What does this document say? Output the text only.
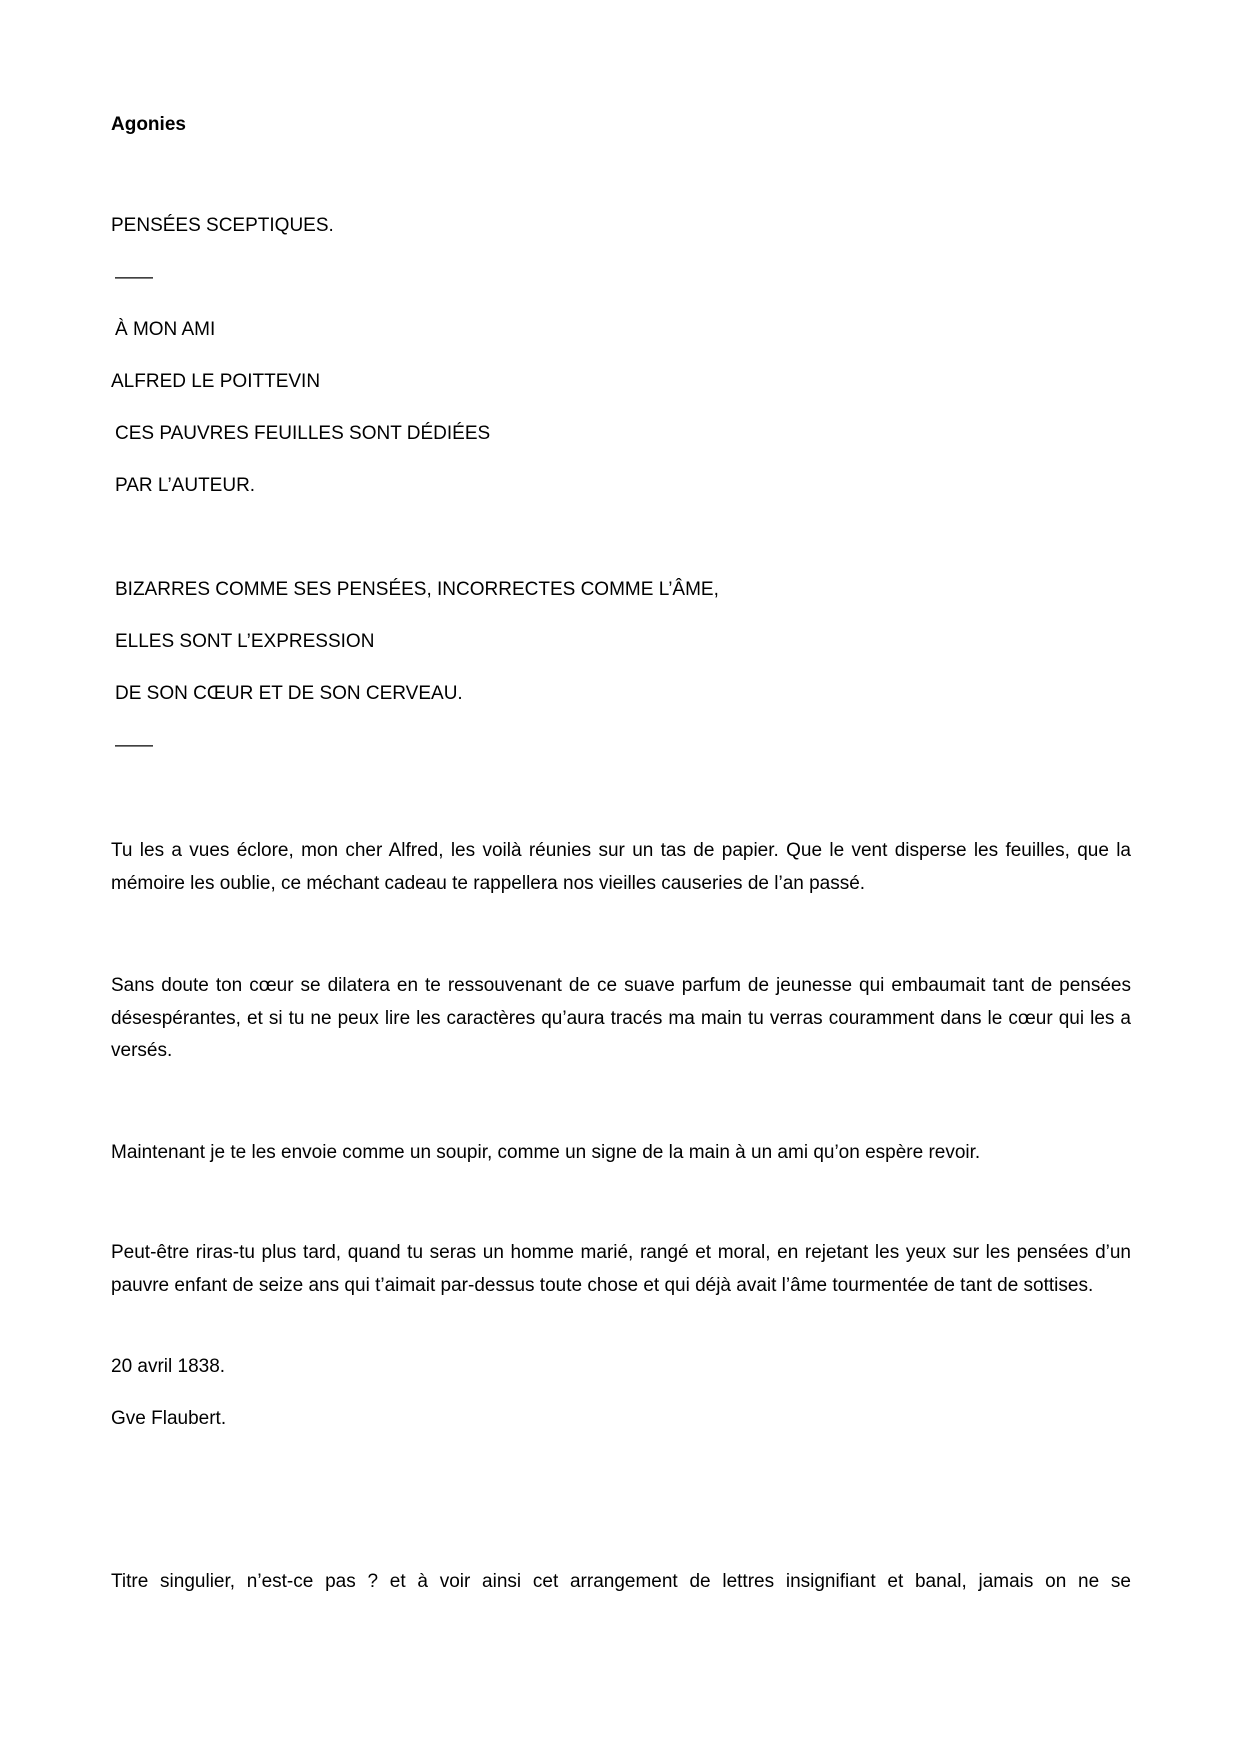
Agonies
PENSÉES SCEPTIQUES.
——
À MON AMI
ALFRED LE POITTEVIN
CES PAUVRES FEUILLES SONT DÉDIÉES
PAR L’AUTEUR.
BIZARRES COMME SES PENSÉES, INCORRECTES COMME L’ÂME,
ELLES SONT L’EXPRESSION
DE SON CŒUR ET DE SON CERVEAU.
——
Tu les a vues éclore, mon cher Alfred, les voilà réunies sur un tas de papier. Que le vent disperse les feuilles, que la mémoire les oublie, ce méchant cadeau te rappellera nos vieilles causeries de l’an passé.
Sans doute ton cœur se dilatera en te ressouvenant de ce suave parfum de jeunesse qui embaumait tant de pensées désespérantes, et si tu ne peux lire les caractères qu’aura tracés ma main tu verras couramment dans le cœur qui les a versés.
Maintenant je te les envoie comme un soupir, comme un signe de la main à un ami qu’on espère revoir.
Peut-être riras-tu plus tard, quand tu seras un homme marié, rangé et moral, en rejetant les yeux sur les pensées d’un pauvre enfant de seize ans qui t’aimait par-dessus toute chose et qui déjà avait l’âme tourmentée de tant de sottises.
20 avril 1838.
Gve Flaubert.
Titre singulier, n’est-ce pas ? et à voir ainsi cet arrangement de lettres insignifiant et banal, jamais on ne se
